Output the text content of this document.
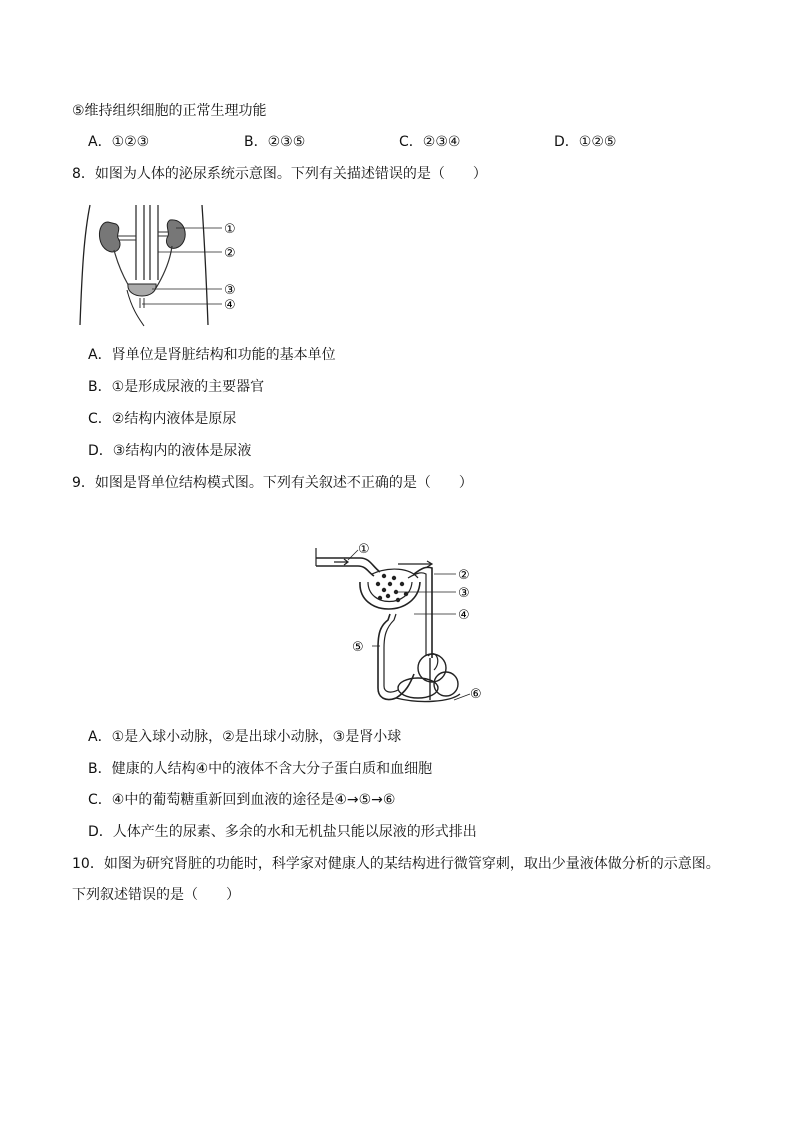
⑤维持组织细胞的正常生理功能
A．①②③	B．②③⑤	C．②③④	D．①②⑤
8．如图为人体的泌尿系统示意图。下列有关描述错误的是（　　）
①
②
③
④
A．肾单位是肾脏结构和功能的基本单位
B．①是形成尿液的主要器官
C．②结构内液体是原尿
D．③结构内的液体是尿液
9．如图是肾单位结构模式图。下列有关叙述不正确的是（　　）
①
②
③
④
⑤
⑥
A．①是入球小动脉，②是出球小动脉，③是肾小球
B．健康的人结构④中的液体不含大分子蛋白质和血细胞
C．④中的葡萄糖重新回到血液的途径是④→⑤→⑥
D．人体产生的尿素、多余的水和无机盐只能以尿液的形式排出
10．如图为研究肾脏的功能时，科学家对健康人的某结构进行微管穿刺，取出少量液体做分析的示意图。
下列叙述错误的是（　　）
